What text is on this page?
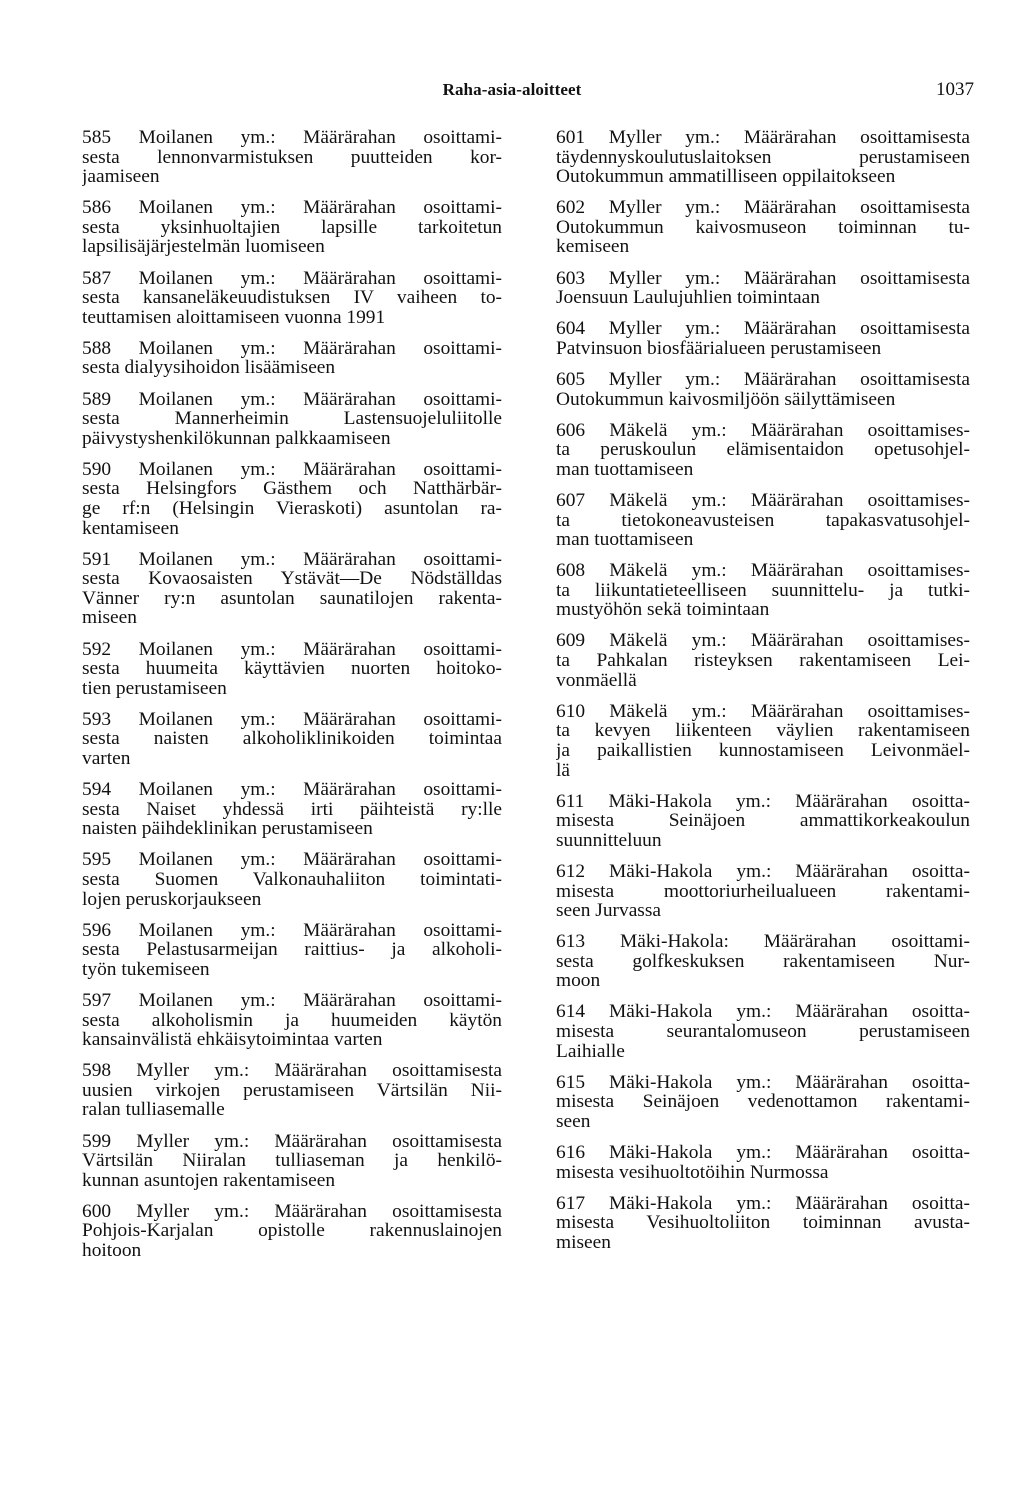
Raha-asia-aloitteet	1037
585 Moilanen ym.: Määrärahan osoittami-
sesta lennonvarmistuksen puutteiden kor-
jaamiseen
586 Moilanen ym.: Määrärahan osoittami-
sesta yksinhuoltajien lapsille tarkoitetun
lapsilisäjärjestelmän luomiseen
587 Moilanen ym.: Määrärahan osoittami-
sesta kansaneläkeuudistuksen IV vaiheen to-
teuttamisen aloittamiseen vuonna 1991
588 Moilanen ym.: Määrärahan osoittami-
sesta dialyysihoidon lisäämiseen
589 Moilanen ym.: Määrärahan osoittami-
sesta Mannerheimin Lastensuojeluliitolle
päivystyshenkilökunnan palkkaamiseen
590 Moilanen ym.: Määrärahan osoittami-
sesta Helsingfors Gästhem och Natthärbär-
ge rf:n (Helsingin Vieraskoti) asuntolan ra-
kentamiseen
591 Moilanen ym.: Määrärahan osoittami-
sesta Kovaosaisten Ystävät—De Nödställdas
Vänner ry:n asuntolan saunatilojen rakenta-
miseen
592 Moilanen ym.: Määrärahan osoittami-
sesta huumeita käyttävien nuorten hoitoko-
tien perustamiseen
593 Moilanen ym.: Määrärahan osoittami-
sesta naisten alkoholiklinikoiden toimintaa
varten
594 Moilanen ym.: Määrärahan osoittami-
sesta Naiset yhdessä irti päihteistä ry:lle
naisten päihdeklinikan perustamiseen
595 Moilanen ym.: Määrärahan osoittami-
sesta Suomen Valkonauhaliiton toimintati-
lojen peruskorjaukseen
596 Moilanen ym.: Määrärahan osoittami-
sesta Pelastusarmeijan raittius- ja alkoholi-
työn tukemiseen
597 Moilanen ym.: Määrärahan osoittami-
sesta alkoholismin ja huumeiden käytön
kansainvälistä ehkäisytoimintaa varten
598 Myller ym.: Määrärahan osoittamisesta
uusien virkojen perustamiseen Värtsilän Nii-
ralan tulliasemalle
599 Myller ym.: Määrärahan osoittamisesta
Värtsilän Niiralan tulliaseman ja henkilö-
kunnan asuntojen rakentamiseen
600 Myller ym.: Määrärahan osoittamisesta
Pohjois-Karjalan opistolle rakennuslainojen
hoitoon
601 Myller ym.: Määrärahan osoittamisesta
täydennyskoulutuslaitoksen perustamiseen
Outokummun ammatilliseen oppilaitokseen
602 Myller ym.: Määrärahan osoittamisesta
Outokummun kaivosmuseon toiminnan tu-
kemiseen
603 Myller ym.: Määrärahan osoittamisesta
Joensuun Laulujuhlien toimintaan
604 Myller ym.: Määrärahan osoittamisesta
Patvinsuon biosfäärialueen perustamiseen
605 Myller ym.: Määrärahan osoittamisesta
Outokummun kaivosmiljöön säilyttämiseen
606 Mäkelä ym.: Määrärahan osoittamises-
ta peruskoulun elämisentaidon opetusohjel-
man tuottamiseen
607 Mäkelä ym.: Määrärahan osoittamises-
ta tietokoneavusteisen tapakasvatusohjel-
man tuottamiseen
608 Mäkelä ym.: Määrärahan osoittamises-
ta liikuntatieteelliseen suunnittelu- ja tutki-
mustyöhön sekä toimintaan
609 Mäkelä ym.: Määrärahan osoittamises-
ta Pahkalan risteyksen rakentamiseen Lei-
vonmäellä
610 Mäkelä ym.: Määrärahan osoittamises-
ta kevyen liikenteen väylien rakentamiseen
ja paikallistien kunnostamiseen Leivonmäel-
lä
611 Mäki-Hakola ym.: Määrärahan osoitta-
misesta Seinäjoen ammattikorkeakoulun
suunnitteluun
612 Mäki-Hakola ym.: Määrärahan osoitta-
misesta moottoriurheilualueen rakentami-
seen Jurvassa
613 Mäki-Hakola: Määrärahan osoittami-
sesta golfkeskuksen rakentamiseen Nur-
moon
614 Mäki-Hakola ym.: Määrärahan osoitta-
misesta seurantalomuseon perustamiseen
Laihialle
615 Mäki-Hakola ym.: Määrärahan osoitta-
misesta Seinäjoen vedenottamon rakentami-
seen
616 Mäki-Hakola ym.: Määrärahan osoitta-
misesta vesihuoltotöihin Nurmossa
617 Mäki-Hakola ym.: Määrärahan osoitta-
misesta Vesihuoltoliiton toiminnan avusta-
miseen
